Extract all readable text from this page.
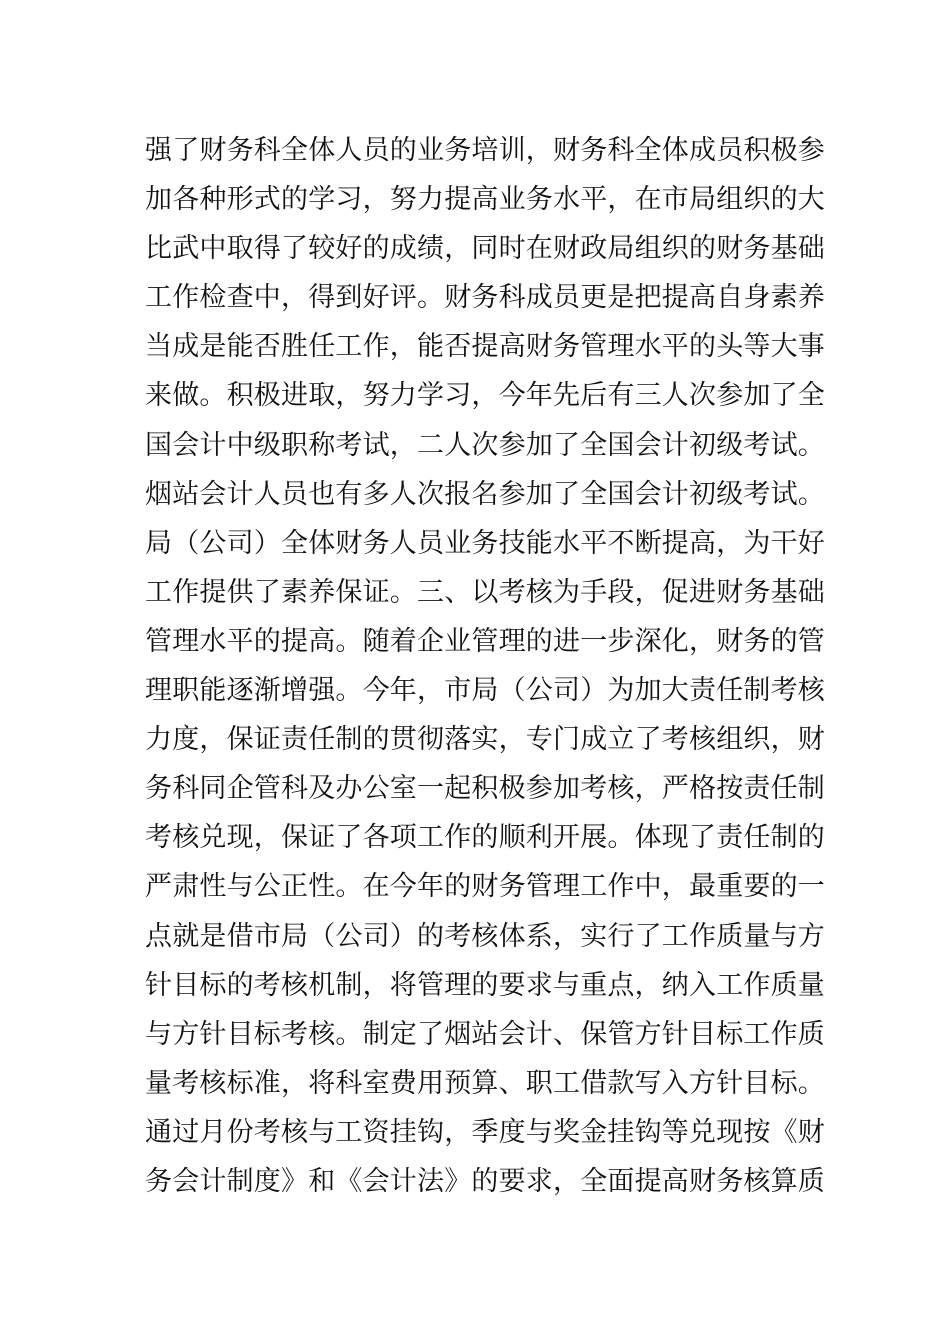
强了财务科全体人员的业务培训，财务科全体成员积极参
加各种形式的学习，努力提高业务水平，在市局组织的大
比武中取得了较好的成绩，同时在财政局组织的财务基础
工作检查中，得到好评。财务科成员更是把提高自身素养
当成是能否胜任工作，能否提高财务管理水平的头等大事
来做。积极进取，努力学习，今年先后有三人次参加了全
国会计中级职称考试，二人次参加了全国会计初级考试。
烟站会计人员也有多人次报名参加了全国会计初级考试。
局（公司）全体财务人员业务技能水平不断提高，为干好
工作提供了素养保证。三、以考核为手段，促进财务基础
管理水平的提高。随着企业管理的进一步深化，财务的管
理职能逐渐增强。今年，市局（公司）为加大责任制考核
力度，保证责任制的贯彻落实，专门成立了考核组织，财
务科同企管科及办公室一起积极参加考核，严格按责任制
考核兑现，保证了各项工作的顺利开展。体现了责任制的
严肃性与公正性。在今年的财务管理工作中，最重要的一
点就是借市局（公司）的考核体系，实行了工作质量与方
针目标的考核机制，将管理的要求与重点，纳入工作质量
与方针目标考核。制定了烟站会计、保管方针目标工作质
量考核标准，将科室费用预算、职工借款写入方针目标。
通过月份考核与工资挂钩，季度与奖金挂钩等兑现按《财
务会计制度》和《会计法》的要求，全面提高财务核算质
